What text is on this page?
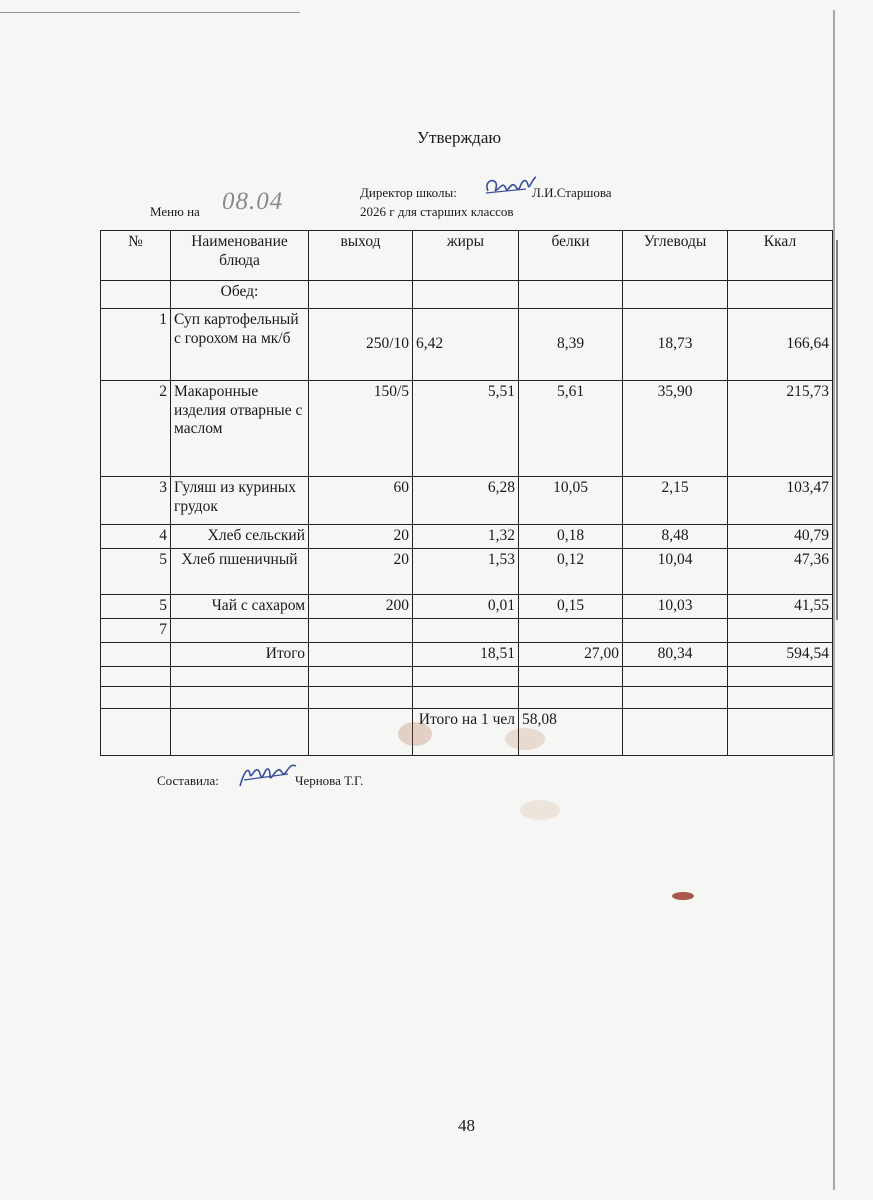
Утверждаю
Директор школы:	Л.И.Старшова
Меню на 08.04	2026 г для старших классов
№	Наименование блюда	выход	жиры	белки	Углеводы	Ккал
	Обед:					
1	Суп картофельный с горохом на мк/б	250/10	6,42	8,39	18,73	166,64
2	Макаронные изделия отварные с маслом	150/5	5,51	5,61	35,90	215,73
3	Гуляш из куриных грудок	60	6,28	10,05	2,15	103,47
4	Хлеб сельский	20	1,32	0,18	8,48	40,79
5	Хлеб пшеничный	20	1,53	0,12	10,04	47,36
5	Чай с сахаром	200	0,01	0,15	10,03	41,55
7						
	Итого		18,51	27,00	80,34	594,54

			Итого на 1 чел	58,08		
Составила:	Чернова Т.Г.
48
